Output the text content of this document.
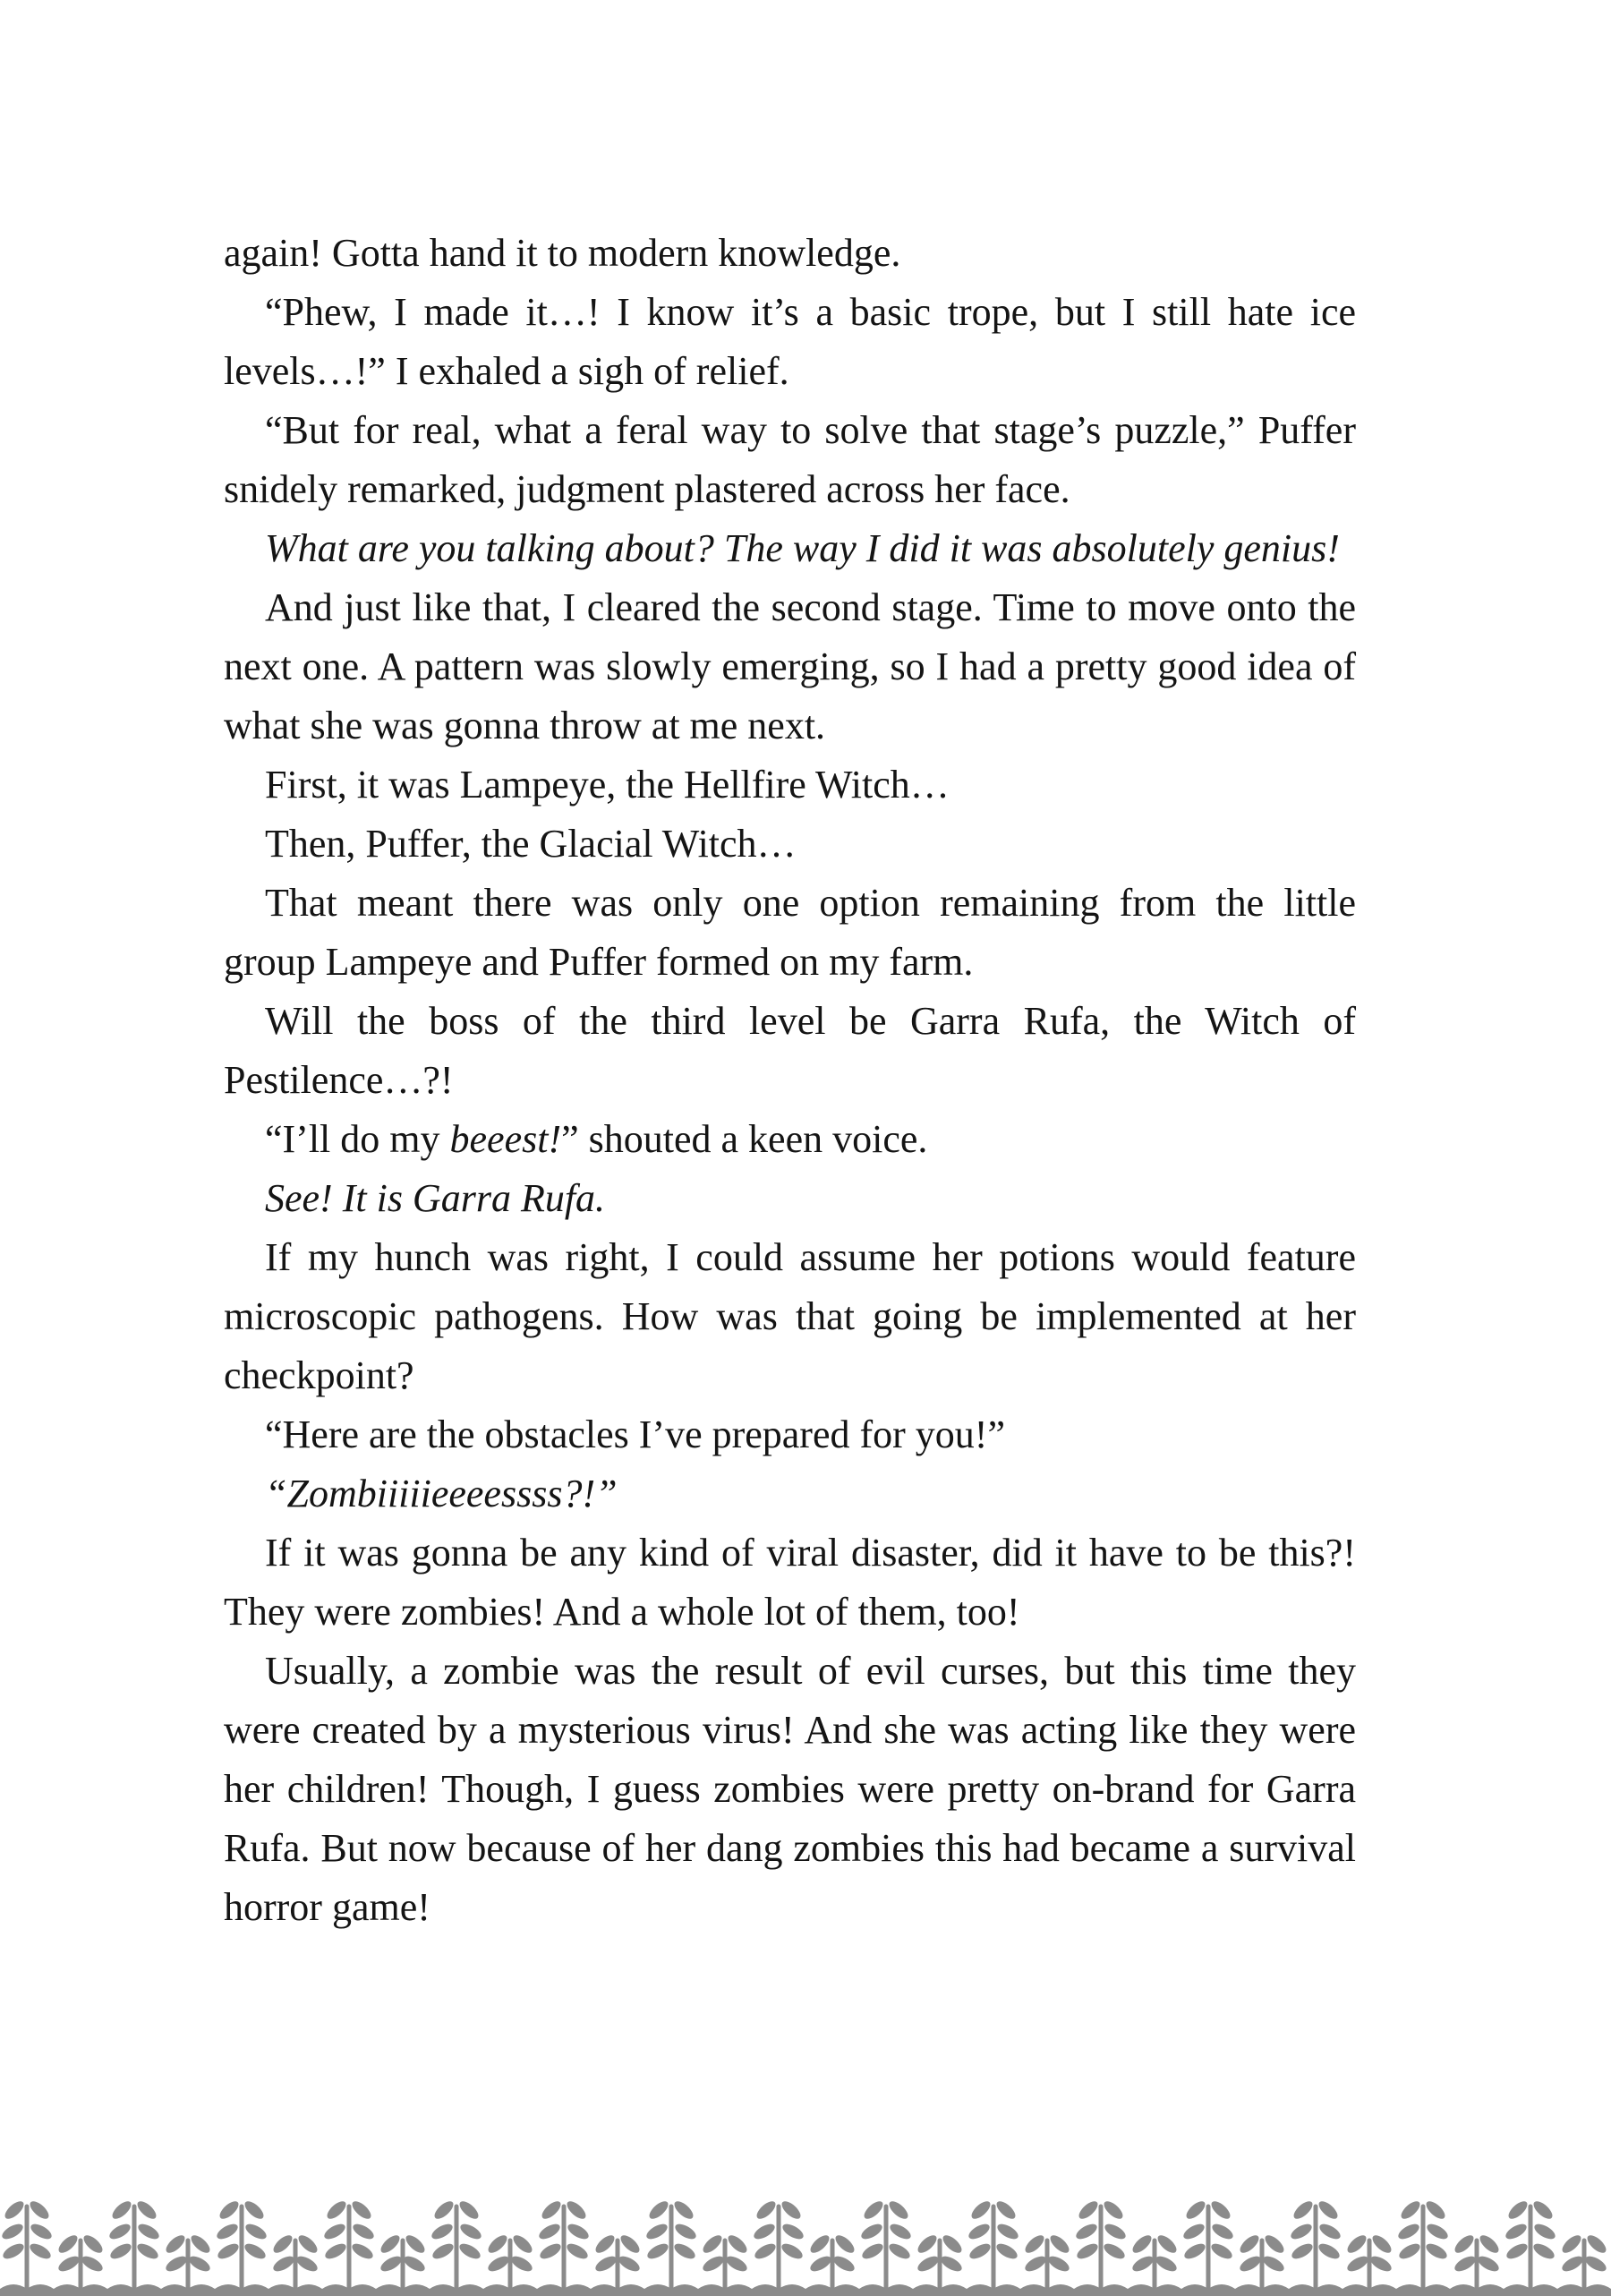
again! Gotta hand it to modern knowledge.

“Phew, I made it…! I know it’s a basic trope, but I still hate ice levels…!” I exhaled a sigh of relief.

“But for real, what a feral way to solve that stage’s puzzle,” Puffer snidely remarked, judgment plastered across her face.

What are you talking about? The way I did it was absolutely genius!

And just like that, I cleared the second stage. Time to move onto the next one. A pattern was slowly emerging, so I had a pretty good idea of what she was gonna throw at me next.

First, it was Lampeye, the Hellfire Witch…

Then, Puffer, the Glacial Witch…

That meant there was only one option remaining from the little group Lampeye and Puffer formed on my farm.

Will the boss of the third level be Garra Rufa, the Witch of Pestilence…?!

“I’ll do my beeest!” shouted a keen voice.

See! It is Garra Rufa.

If my hunch was right, I could assume her potions would feature microscopic pathogens. How was that going be implemented at her checkpoint?

“Here are the obstacles I’ve prepared for you!”

“Zombiiiiieeeessss?!”

If it was gonna be any kind of viral disaster, did it have to be this?! They were zombies! And a whole lot of them, too!

Usually, a zombie was the result of evil curses, but this time they were created by a mysterious virus! And she was acting like they were her children! Though, I guess zombies were pretty on-brand for Garra Rufa. But now because of her dang zombies this had became a survival horror game!
